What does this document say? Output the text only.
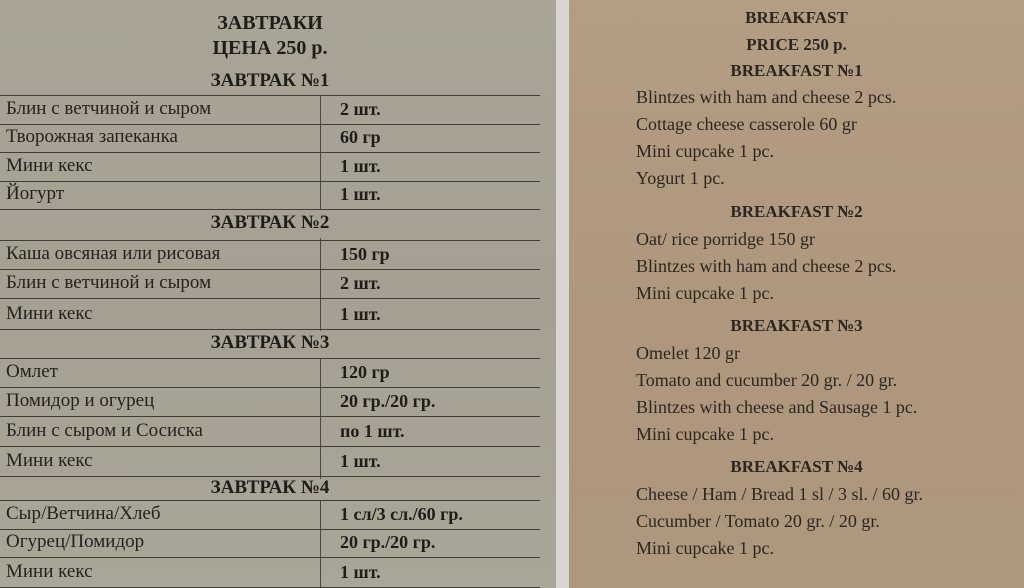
ЗАВТРАКИ
ЦЕНА 250 р.
ЗАВТРАК №1
Блин с ветчиной и сыром	2 шт.
Творожная запеканка	60 гр
Мини кекс	1 шт.
Йогурт	1 шт.
ЗАВТРАК №2
Каша овсяная или рисовая	150 гр
Блин с ветчиной и сыром	2 шт.
Мини кекс	1 шт.
ЗАВТРАК №3
Омлет	120 гр
Помидор и огурец	20 гр./20 гр.
Блин с сыром и Сосиска	по 1 шт.
Мини кекс	1 шт.
ЗАВТРАК №4
Сыр/Ветчина/Хлеб	1 сл/3 сл./60 гр.
Огурец/Помидор	20 гр./20 гр.
Мини кекс	1 шт.
BREAKFAST
PRICE 250 p.
BREAKFAST №1
Blintzes with ham and cheese 2 pcs.
Cottage cheese casserole 60 gr
Mini cupcake 1 pc.
Yogurt 1 pc.
BREAKFAST №2
Oat/ rice porridge 150 gr
Blintzes with ham and cheese 2 pcs.
Mini cupcake 1 pc.
BREAKFAST №3
Omelet 120 gr
Tomato and cucumber 20 gr. / 20 gr.
Blintzes with cheese and Sausage 1 pc.
Mini cupcake 1 pc.
BREAKFAST №4
Cheese / Ham / Bread 1 sl / 3 sl. / 60 gr.
Cucumber / Tomato 20 gr. / 20 gr.
Mini cupcake 1 pc.
